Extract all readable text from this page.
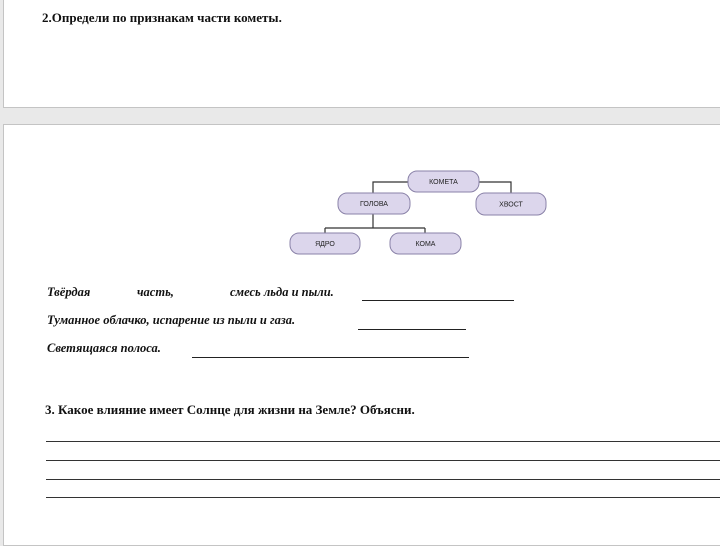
2.Определи по признакам части кометы.
КОМЕТА
ГОЛОВА	ХВОСТ
ЯДРО	КОМА
Твёрдая	часть,	смесь льда и пыли.
Туманное облачко, испарение из пыли и газа.
Светящаяся полоса.
3. Какое влияние имеет Солнце для жизни на Земле? Объясни.
